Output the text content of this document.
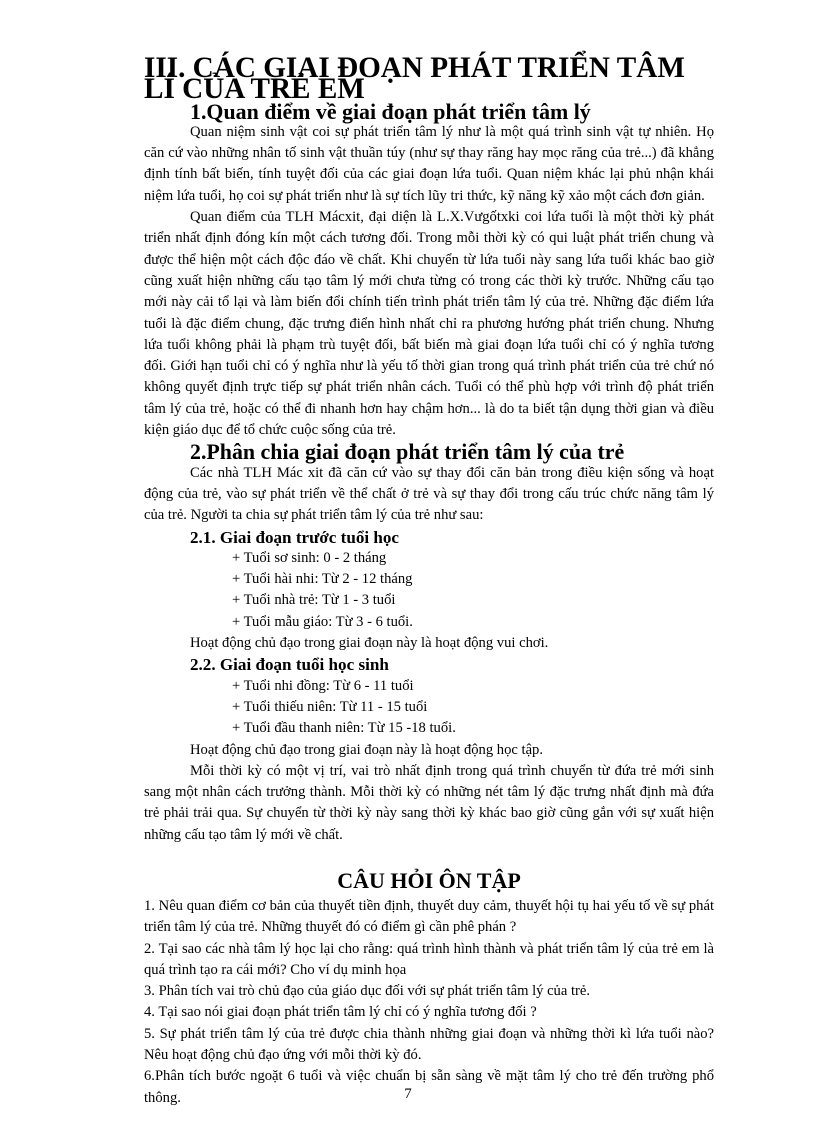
III. CÁC GIAI ĐOẠN PHÁT TRIỂN TÂM LÍ CỦA TRẺ EM
1.Quan điểm về giai đoạn phát triển tâm lý

Quan niệm sinh vật coi sự phát triển tâm lý như là một quá trình sinh vật tự nhiên. Họ căn cứ vào những nhân tố sinh vật thuần túy (như sự thay răng hay mọc răng của trẻ...) đã khẳng định tính bất biến, tính tuyệt đối của các giai đoạn lứa tuổi. Quan niệm khác lại phủ nhận khái niệm lứa tuổi, họ coi sự phát triển như là sự tích lũy tri thức, kỹ năng kỹ xảo một cách đơn giản.

Quan điểm của TLH Mácxit, đại diện là L.X.Vưgốtxki coi lứa tuổi là một thời kỳ phát triển nhất định đóng kín một cách tương đối. Trong mỗi thời kỳ có qui luật phát triển chung và được thể hiện một cách độc đáo về chất. Khi chuyển từ lứa tuổi này sang lứa tuổi khác bao giờ cũng xuất hiện những cấu tạo tâm lý mới chưa từng có trong các thời kỳ trước. Những cấu tạo mới này cải tổ lại và làm biến đổi chính tiến trình phát triển tâm lý của trẻ. Những đặc điểm lứa tuổi là đặc điểm chung, đặc trưng điển hình nhất chỉ ra phương hướng phát triển chung. Nhưng lứa tuổi không phải là phạm trù tuyệt đối, bất biến mà giai đoạn lứa tuổi chỉ có ý nghĩa tương đối. Giới hạn tuổi chỉ có ý nghĩa như là yếu tố thời gian trong quá trình phát triển của trẻ chứ nó không quyết định trực tiếp sự phát triển nhân cách. Tuổi có thể phù hợp với trình độ phát triển tâm lý của trẻ, hoặc có thể đi nhanh hơn hay chậm hơn... là do ta biết tận dụng thời gian và điều kiện giáo dục để tổ chức cuộc sống của trẻ.

2.Phân chia giai đoạn phát triển tâm lý của trẻ

Các nhà TLH Mác xit đã căn cứ vào sự thay đổi căn bản trong điều kiện sống và hoạt động của trẻ, vào sự phát triển về thể chất ở trẻ và sự thay đổi trong cấu trúc chức năng tâm lý của trẻ. Người ta chia sự phát triển tâm lý của trẻ như sau:

2.1. Giai đoạn trước tuổi học
+ Tuổi sơ sinh: 0 - 2 tháng
+ Tuổi hài nhi: Từ 2 - 12 tháng
+ Tuổi nhà trẻ: Từ 1 - 3 tuổi
+ Tuổi mẫu giáo: Từ 3 - 6 tuổi.

Hoạt động chủ đạo trong giai đoạn này là hoạt động vui chơi.

2.2. Giai đoạn tuổi học sinh
+ Tuổi nhi đồng: Từ 6 - 11 tuổi
+ Tuổi thiếu niên: Từ 11 - 15 tuổi
+ Tuổi đầu thanh niên: Từ 15 -18 tuổi.

Hoạt động chủ đạo trong giai đoạn này là hoạt động học tập.

Mỗi thời kỳ có một vị trí, vai trò nhất định trong quá trình chuyển từ đứa trẻ mới sinh sang một nhân cách trưởng thành. Mỗi thời kỳ có những nét tâm lý đặc trưng nhất định mà đứa trẻ phải trải qua. Sự chuyển từ thời kỳ này sang thời kỳ khác bao giờ cũng gắn với sự xuất hiện những cấu tạo tâm lý mới về chất.

CÂU HỎI ÔN TẬP
1. Nêu quan điểm cơ bản của thuyết tiền định, thuyết duy cảm, thuyết hội tụ hai yếu tố về sự phát triển tâm lý của trẻ. Những thuyết đó có điểm gì cần phê phán ?
2. Tại sao các nhà tâm lý học lại cho rằng: quá trình hình thành và phát triển tâm lý của trẻ em là quá trình tạo ra cái mới? Cho ví dụ minh họa
3. Phân tích vai trò chủ đạo của giáo dục đối với sự phát triển tâm lý của trẻ.
4. Tại sao nói giai đoạn phát triển tâm lý chỉ có ý nghĩa tương đối ?
5. Sự phát triển tâm lý của trẻ được chia thành những giai đoạn và những thời kì lứa tuổi nào? Nêu hoạt động chủ đạo ứng với mỗi thời kỳ đó.
6.Phân tích bước ngoặt 6 tuổi và việc chuẩn bị sẵn sàng về mặt tâm lý cho trẻ đến trường phổ thông.	7
